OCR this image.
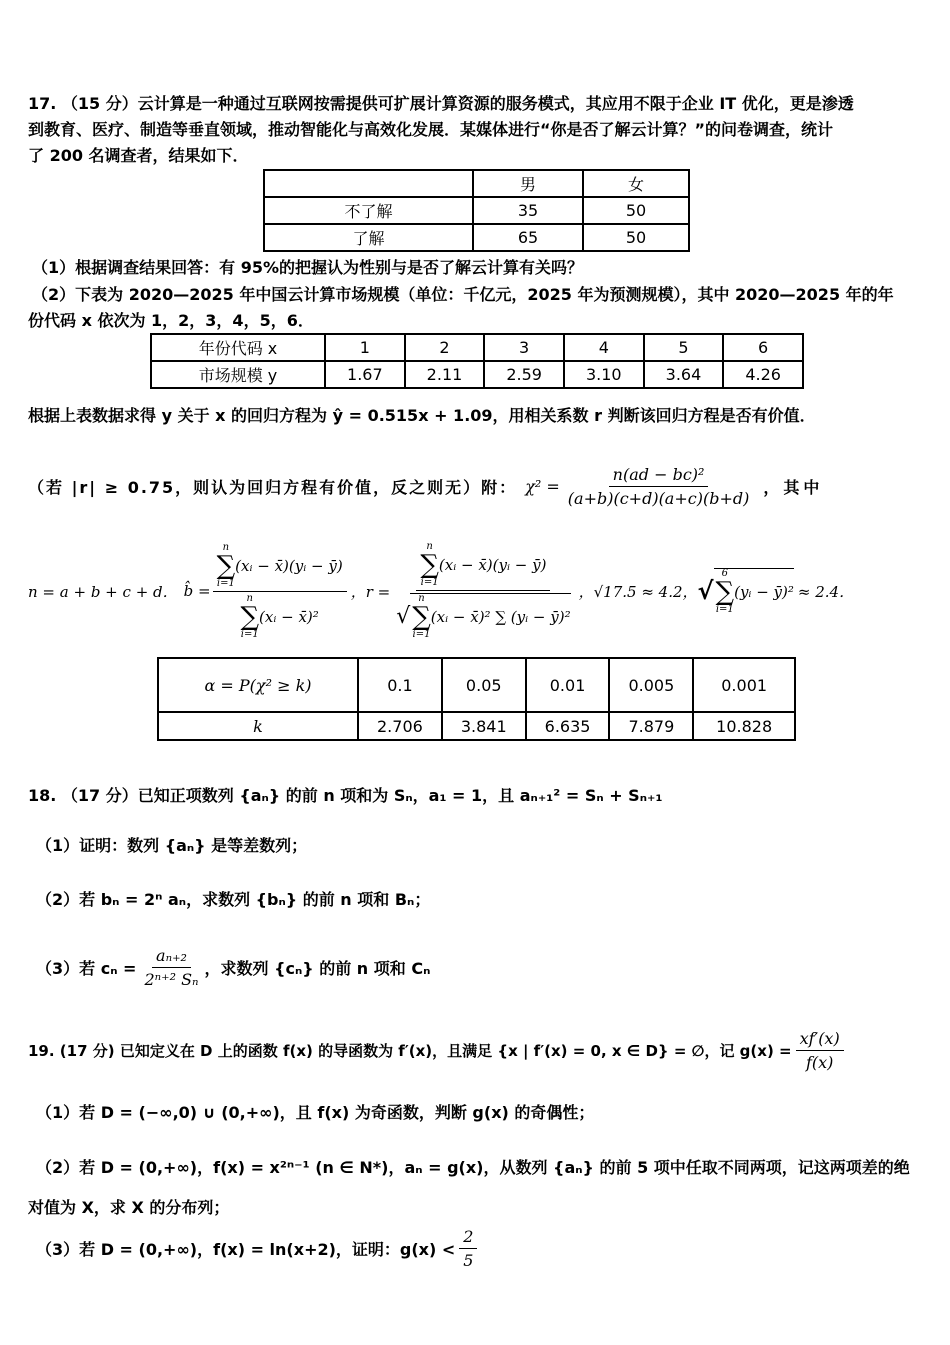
17. （15 分）云计算是一种通过互联网按需提供可扩展计算资源的服务模式，其应用不限于企业 IT 优化，更是渗透
到教育、医疗、制造等垂直领域，推动智能化与高效化发展．某媒体进行“你是否了解云计算？”的问卷调查，统计
了 200 名调查者，结果如下．
	男	女
不了解	35	50
了解	65	50
（1）根据调查结果回答：有 95%的把握认为性别与是否了解云计算有关吗？
（2）下表为 2020—2025 年中国云计算市场规模（单位：千亿元，2025 年为预测规模），其中 2020—2025 年的年
份代码 x 依次为 1，2，3，4，5，6．
年份代码 x	1	2	3	4	5	6
市场规模 y	1.67	2.11	2.59	3.10	3.64	4.26
根据上表数据求得 y 关于 x 的回归方程为 ŷ = 0.515x + 1.09，用相关系数 r 判断该回归方程是否有价值．
（若 |r| ≥ 0.75，则认为回归方程有价值，反之则无）附： $\chi^2 = \frac{\text{n(ad − bc)²}}{(a+b)(c+d)(a+c)(b+d)}$ ，其中
n = a + b + c + d． b̂ = n
∑
i=1
(xᵢ − x̄)(yᵢ − ȳ)
n
∑
i=1
(xᵢ − x̄)² ，r = n
∑
i=1
(xᵢ − x̄)(yᵢ − ȳ)
√
n
∑
i=1
(xᵢ − x̄)² ∑ (yᵢ − ȳ)² ，√17.5 ≈ 4.2， √
6
∑
i=1
(yᵢ − ȳ)² ≈ 2.4．
α = P(χ² ≥ k)	0.1	0.05	0.01	0.005	0.001
k	2.706	3.841	6.635	7.879	10.828
18. （17 分）已知正项数列 {aₙ} 的前 n 项和为 Sₙ，a₁ = 1，且 aₙ₊₁² = Sₙ + Sₙ₊₁
（1）证明：数列 {aₙ} 是等差数列；
（2）若 bₙ = 2ⁿ aₙ，求数列 {bₙ} 的前 n 项和 Bₙ；
（3）若 $c_n = \frac{\text{aₙ₊₂}}{\text{2ⁿ⁺² Sₙ}}$ ，求数列 {cₙ} 的前 n 项和 Cₙ
19. (17 分) 已知定义在 D 上的函数 f(x) 的导函数为 f′(x)，且满足 {x | f′(x) = 0, x ∈ D} = ∅，记 $g(x) = \frac{xf'(x)}{f(x)}$
（1）若 D = (−∞,0) ∪ (0,+∞)，且 f(x) 为奇函数，判断 g(x) 的奇偶性；
（2）若 D = (0,+∞)，f(x) = x²ⁿ⁻¹ (n ∈ N*)，aₙ = g(x)，从数列 {aₙ} 的前 5 项中任取不同两项，记这两项差的绝
对值为 X，求 X 的分布列；
（3）若 D = (0,+∞)，f(x) = ln(x+2)，证明：$g(x) < \frac{2}{5}$
